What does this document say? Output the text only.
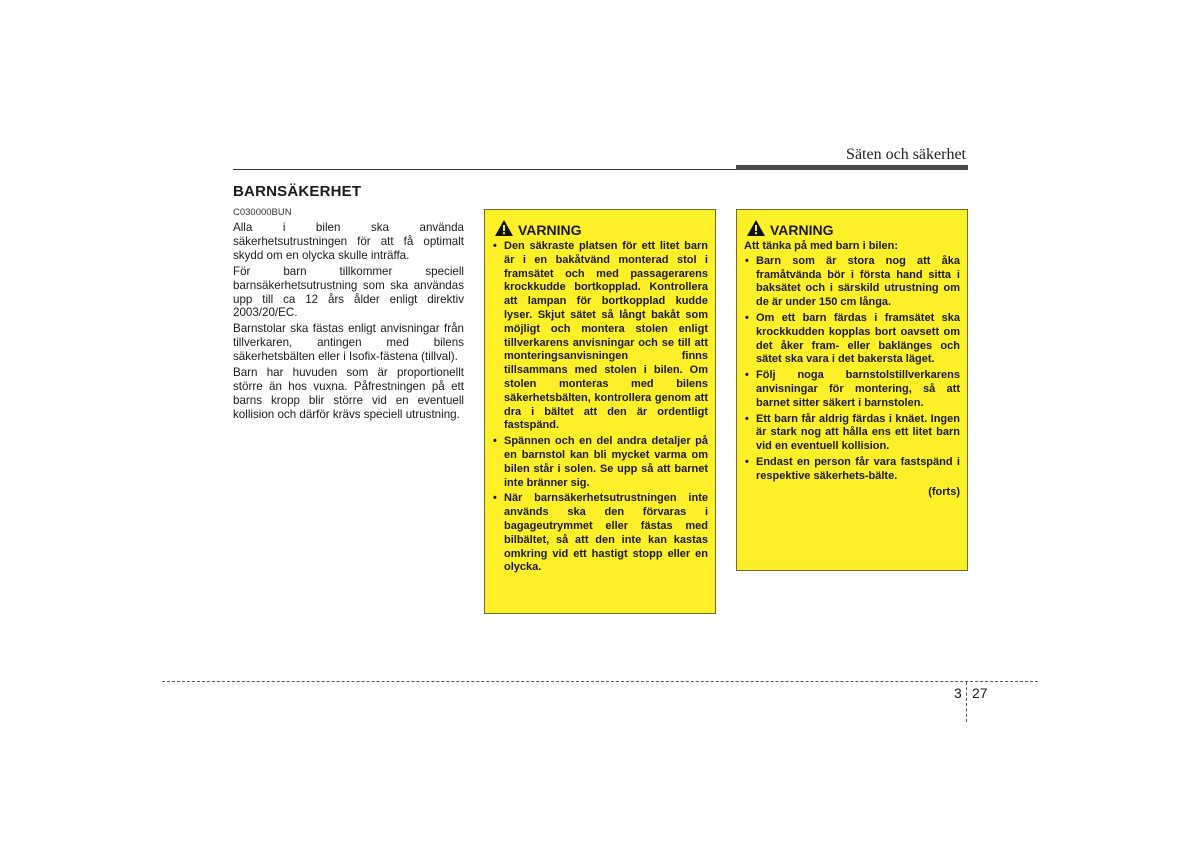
Säten och säkerhet
BARNSÄKERHET
C030000BUN

Alla i bilen ska använda säkerhetsutrustningen för att få optimalt skydd om en olycka skulle inträffa.

För barn tillkommer speciell barnsäkerhetsutrustning som ska användas upp till ca 12 års ålder enligt direktiv 2003/20/EC.

Barnstolar ska fästas enligt anvisningar från tillverkaren, antingen med bilens säkerhetsbälten eller i Isofix-fästena (tillval).

Barn har huvuden som är proportionellt större än hos vuxna. Påfrestningen på ett barns kropp blir större vid en eventuell kollision och därför krävs speciell utrustning.

VARNING
• Den säkraste platsen för ett litet barn är i en bakåtvänd monterad stol i framsätet och med passagerarens krockkudde bortkopplad. Kontrollera att lampan för bortkopplad kudde lyser. Skjut sätet så långt bakåt som möjligt och montera stolen enligt tillverkarens anvisningar och se till att monteringsanvisningen finns tillsammans med stolen i bilen. Om stolen monteras med bilens säkerhetsbälten, kontrollera genom att dra i bältet att den är ordentligt fastspänd.
• Spännen och en del andra detaljer på en barnstol kan bli mycket varma om bilen står i solen. Se upp så att barnet inte bränner sig.
• När barnsäkerhetsutrustningen inte används ska den förvaras i bagageutrymmet eller fästas med bilbältet, så att den inte kan kastas omkring vid ett hastigt stopp eller en olycka.
VARNING
Att tänka på med barn i bilen:
• Barn som är stora nog att åka framåtvända bör i första hand sitta i baksätet och i särskild utrustning om de är under 150 cm långa.
• Om ett barn färdas i framsätet ska krockkudden kopplas bort oavsett om det åker fram- eller baklänges och sätet ska vara i det bakersta läget.
• Följ noga barnstolstillverkarens anvisningar för montering, så att barnet sitter säkert i barnstolen.
• Ett barn får aldrig färdas i knäet. Ingen är stark nog att hålla ens ett litet barn vid en eventuell kollision.
• Endast en person får vara fastspänd i respektive säkerhets-bälte.
(forts)
3 27
